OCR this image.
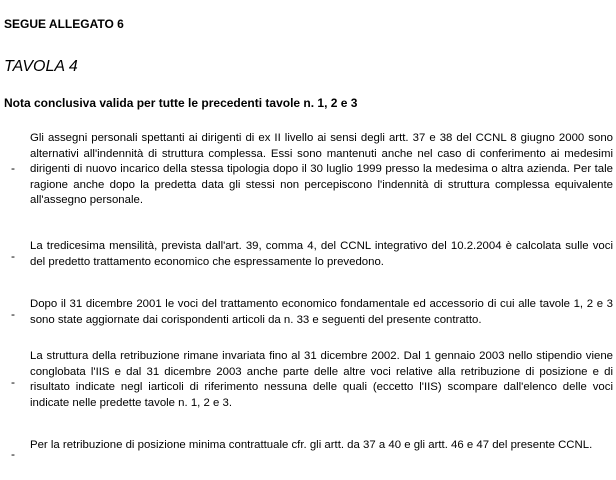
SEGUE ALLEGATO 6
TAVOLA 4
Nota conclusiva valida per tutte le precedenti tavole n. 1, 2 e 3
-
Gli assegni personali spettanti ai dirigenti di ex II livello ai sensi degli artt. 37 e 38 del CCNL 8 giugno 2000 sono alternativi all'indennità di struttura complessa. Essi sono mantenuti anche nel caso di conferimento ai medesimi dirigenti di nuovo incarico della stessa tipologia dopo il 30 luglio 1999 presso la medesima o altra azienda. Per tale ragione anche dopo la predetta data gli stessi non percepiscono l'indennità di struttura complessa equivalente all'assegno personale.
-
La tredicesima mensilità, prevista dall'art. 39, comma 4, del CCNL integrativo del 10.2.2004 è calcolata sulle voci del predetto trattamento economico che espressamente lo prevedono.
-
Dopo il 31 dicembre 2001 le voci del trattamento economico fondamentale ed accessorio di cui alle tavole 1, 2 e 3 sono state aggiornate dai corispondenti articoli da n. 33 e seguenti del presente contratto.
-
La struttura della retribuzione rimane invariata fino al 31 dicembre 2002. Dal 1 gennaio 2003 nello stipendio viene conglobata l'IIS e dal 31 dicembre 2003 anche parte delle altre voci relative alla retribuzione di posizione e di risultato indicate negl iarticoli di riferimento nessuna delle quali (eccetto l'IIS) scompare dall'elenco delle voci indicate nelle predette tavole n. 1, 2 e 3.
-
Per la retribuzione di posizione minima contrattuale cfr. gli artt. da 37 a 40 e gli artt. 46 e 47 del presente CCNL.
